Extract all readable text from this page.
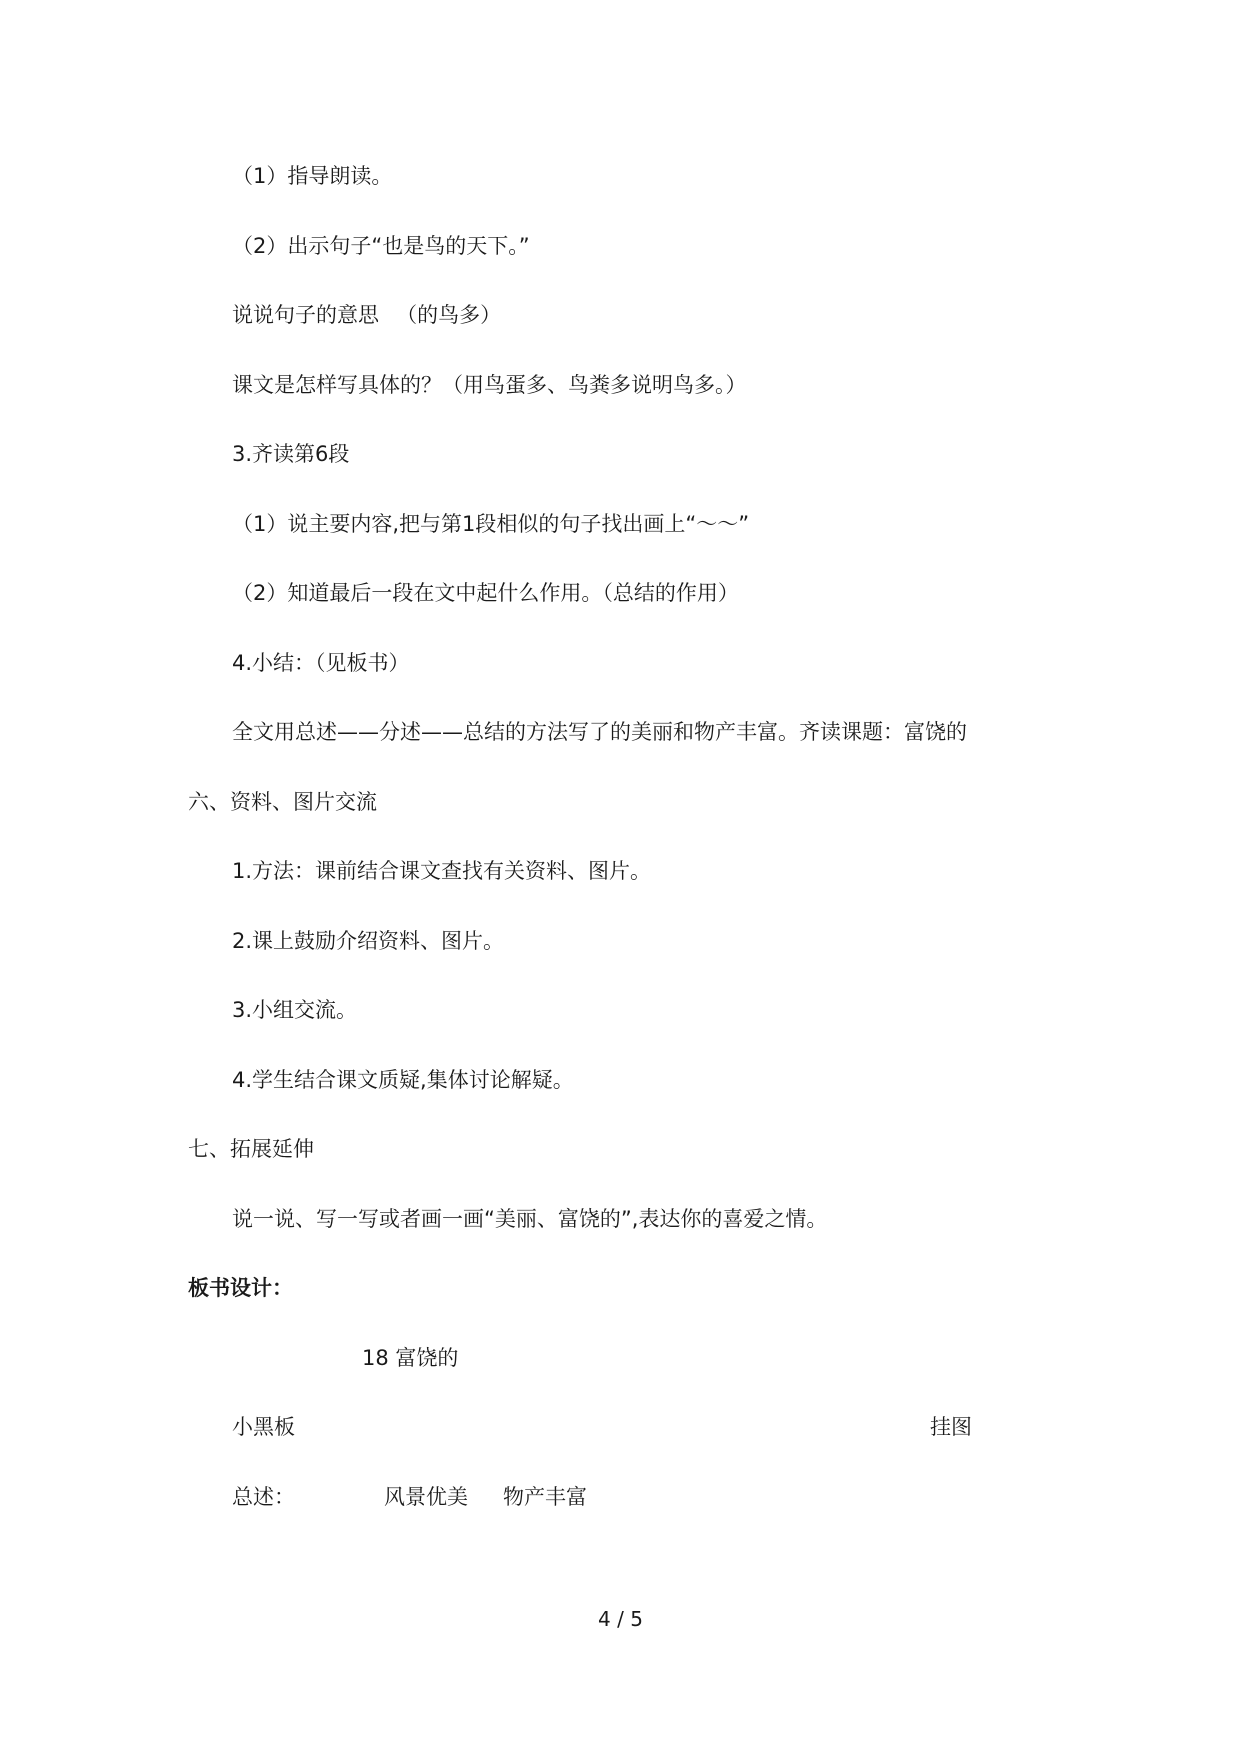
（1）指导朗读。
（2）出示句子“也是鸟的天下。”
说说句子的意思 　（的鸟多）
课文是怎样写具体的？（用鸟蛋多、鸟粪多说明鸟多。）
3.齐读第6段
（1）说主要内容,把与第1段相似的句子找出画上“～～”
（2）知道最后一段在文中起什么作用。（总结的作用）
4.小结：（见板书）
全文用总述——分述——总结的方法写了的美丽和物产丰富。齐读课题：富饶的
六、资料、图片交流
1.方法：课前结合课文查找有关资料、图片。
2.课上鼓励介绍资料、图片。
3.小组交流。
4.学生结合课文质疑,集体讨论解疑。
七、拓展延伸
说一说、写一写或者画一画“美丽、富饶的”,表达你的喜爱之情。
板书设计：
18 富饶的
小黑板	挂图
总述：	风景优美 物产丰富
4 / 5
